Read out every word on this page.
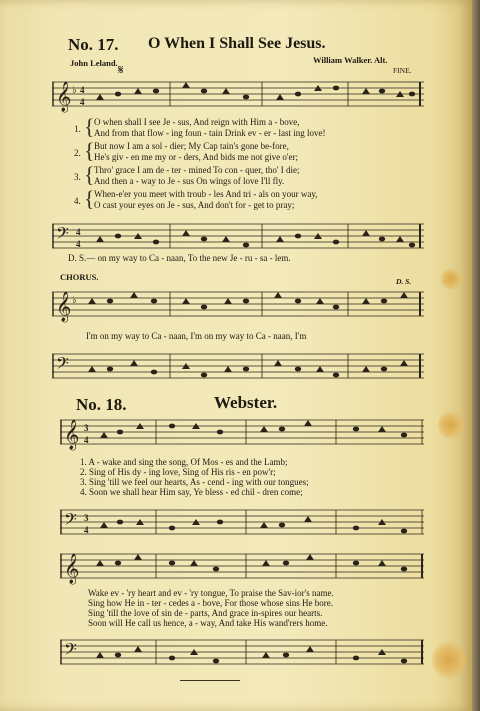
No. 17. O When I Shall See Jesus.
John Leland.	William Walker. Alt.
FINE.
𝄋
𝄞 ♭ 4
4
1.
2.
3.
4.
{
{
{
{
O when shall I see Je - sus, And reign with Him a - bove,
And from that flow - ing foun - tain Drink ev - er - last ing love!
But now I am a sol - dier; My Cap tain's gone be-fore,
He's giv - en me my or - ders, And bids me not give o'er;
Thro' grace I am de - ter - mined To con - quer, tho' I die;
And then a - way to Je - sus On wings of love I'll fly.
When-e'er you meet with troub - les And tri - als on your way,
O cast your eyes on Je - sus, And don't for - get to pray;
𝄢 4
4
D. S.— on my way to Ca - naan, To the new Je - ru - sa - lem.
CHORUS.	D. S.
𝄞 ♭
I'm on my way to Ca - naan, I'm on my way to Ca - naan, I'm
𝄢
No. 18.	Webster.
𝄞 3
4
1. A - wake and sing the song, Of Mos - es and the Lamb;
2. Sing of His dy - ing love, Sing of His ris - en pow'r;
3. Sing 'till we feel our hearts, As - cend - ing with our tongues;
4. Soon we shall hear Him say, Ye bless - ed chil - dren come;
𝄢 3
4
𝄞
Wake ev - 'ry heart and ev - 'ry tongue, To praise the Sav-ior's name.
Sing how He in - ter - cedes a - bove, For those whose sins He bore.
Sing 'till the love of sin de - parts, And grace in-spires our hearts.
Soon will He call us hence, a - way, And take His wand'rers home.
𝄢
